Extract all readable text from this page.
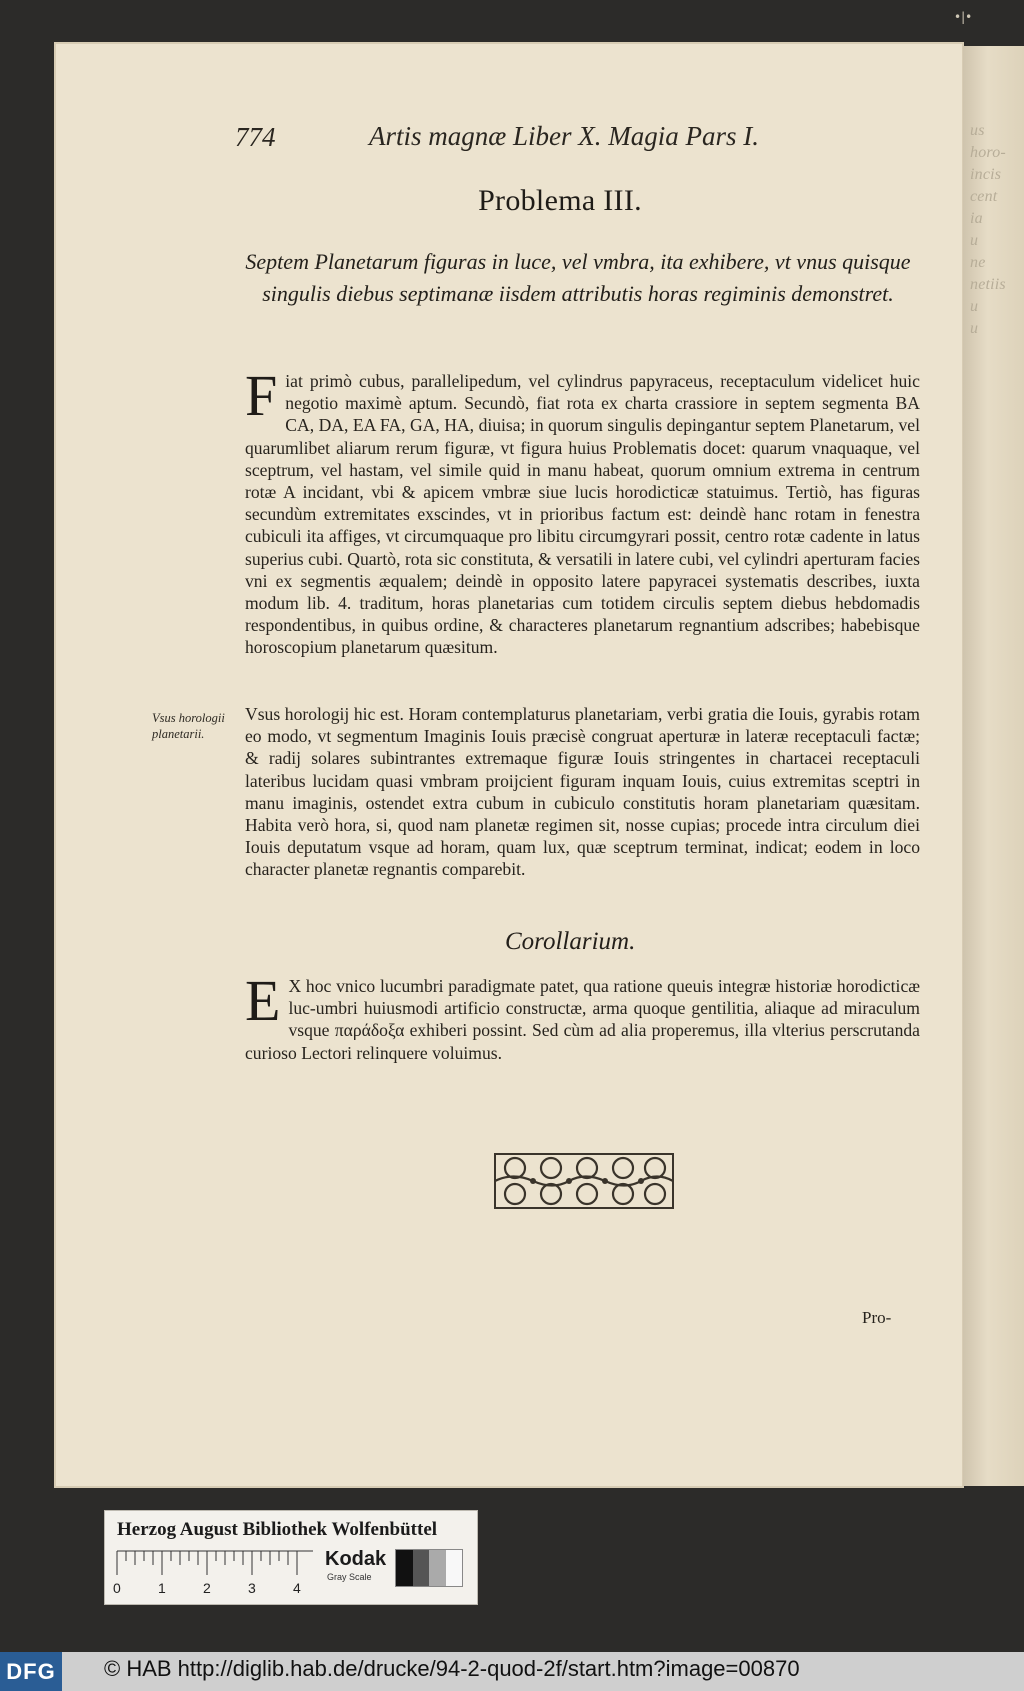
us horo-
incis
cent
ia
u
ne
netiis
u
u
•|•
774	Artis magnæ Liber X. Magia Pars I.
Problema III.
Septem Planetarum figuras in luce, vel vmbra, ita exhibere, vt vnus quisque singulis diebus septimanæ iisdem attributis horas regiminis demonstret.
F iat primò cubus, parallelipedum, vel cylindrus papyraceus, receptaculum videlicet huic negotio maximè aptum. Secundò, fiat rota ex charta crassiore in septem segmenta BA CA, DA, EA FA, GA, HA, diuisa; in quorum singulis depingantur septem Planetarum, vel quarumlibet aliarum rerum figuræ, vt figura huius Problematis docet: quarum vnaquaque, vel sceptrum, vel hastam, vel simile quid in manu habeat, quorum omnium extrema in centrum rotæ A incidant, vbi & apicem vmbræ siue lucis horodicticæ statuimus. Tertiò, has figuras secundùm extremitates exscindes, vt in prioribus factum est: deindè hanc rotam in fenestra cubiculi ita affiges, vt circumquaque pro libitu circumgyrari possit, centro rotæ cadente in latus superius cubi. Quartò, rota sic constituta, & versatili in latere cubi, vel cylindri aperturam facies vni ex segmentis æqualem; deindè in opposito latere papyracei systematis describes, iuxta modum lib. 4. traditum, horas planetarias cum totidem circulis septem diebus hebdomadis respondentibus, in quibus ordine, & characteres planetarum regnantium adscribes; habebisque horoscopium planetarum quæsitum.
Vsus horologii planetarii.
Vsus horologij hic est. Horam contemplaturus planetariam, verbi gratia die Iouis, gyrabis rotam eo modo, vt segmentum Imaginis Iouis præcisè congruat aperturæ in lateræ receptaculi factæ; & radij solares subintrantes extremaque figuræ Iouis stringentes in chartacei receptaculi lateribus lucidam quasi vmbram proijcient figuram inquam Iouis, cuius extremitas sceptri in manu imaginis, ostendet extra cubum in cubiculo constitutis horam planetariam quæsitam. Habita verò hora, si, quod nam planetæ regimen sit, nosse cupias; procede intra circulum diei Iouis deputatum vsque ad horam, quam lux, quæ sceptrum terminat, indicat; eodem in loco character planetæ regnantis comparebit.
Corollarium.
E X hoc vnico lucumbri paradigmate patet, qua ratione queuis integræ historiæ horodicticæ luc-umbri huiusmodi artificio constructæ, arma quoque gentilitia, aliaque ad miraculum vsque παράδοξα exhiberi possint. Sed cùm ad alia properemus, illa vlterius perscrutanda curioso Lectori relinquere voluimus.
Pro-
Herzog August Bibliothek Wolfenbüttel
0	1	2	3	4
Kodak
Gray Scale
DFG © HAB http://diglib.hab.de/drucke/94-2-quod-2f/start.htm?image=00870
